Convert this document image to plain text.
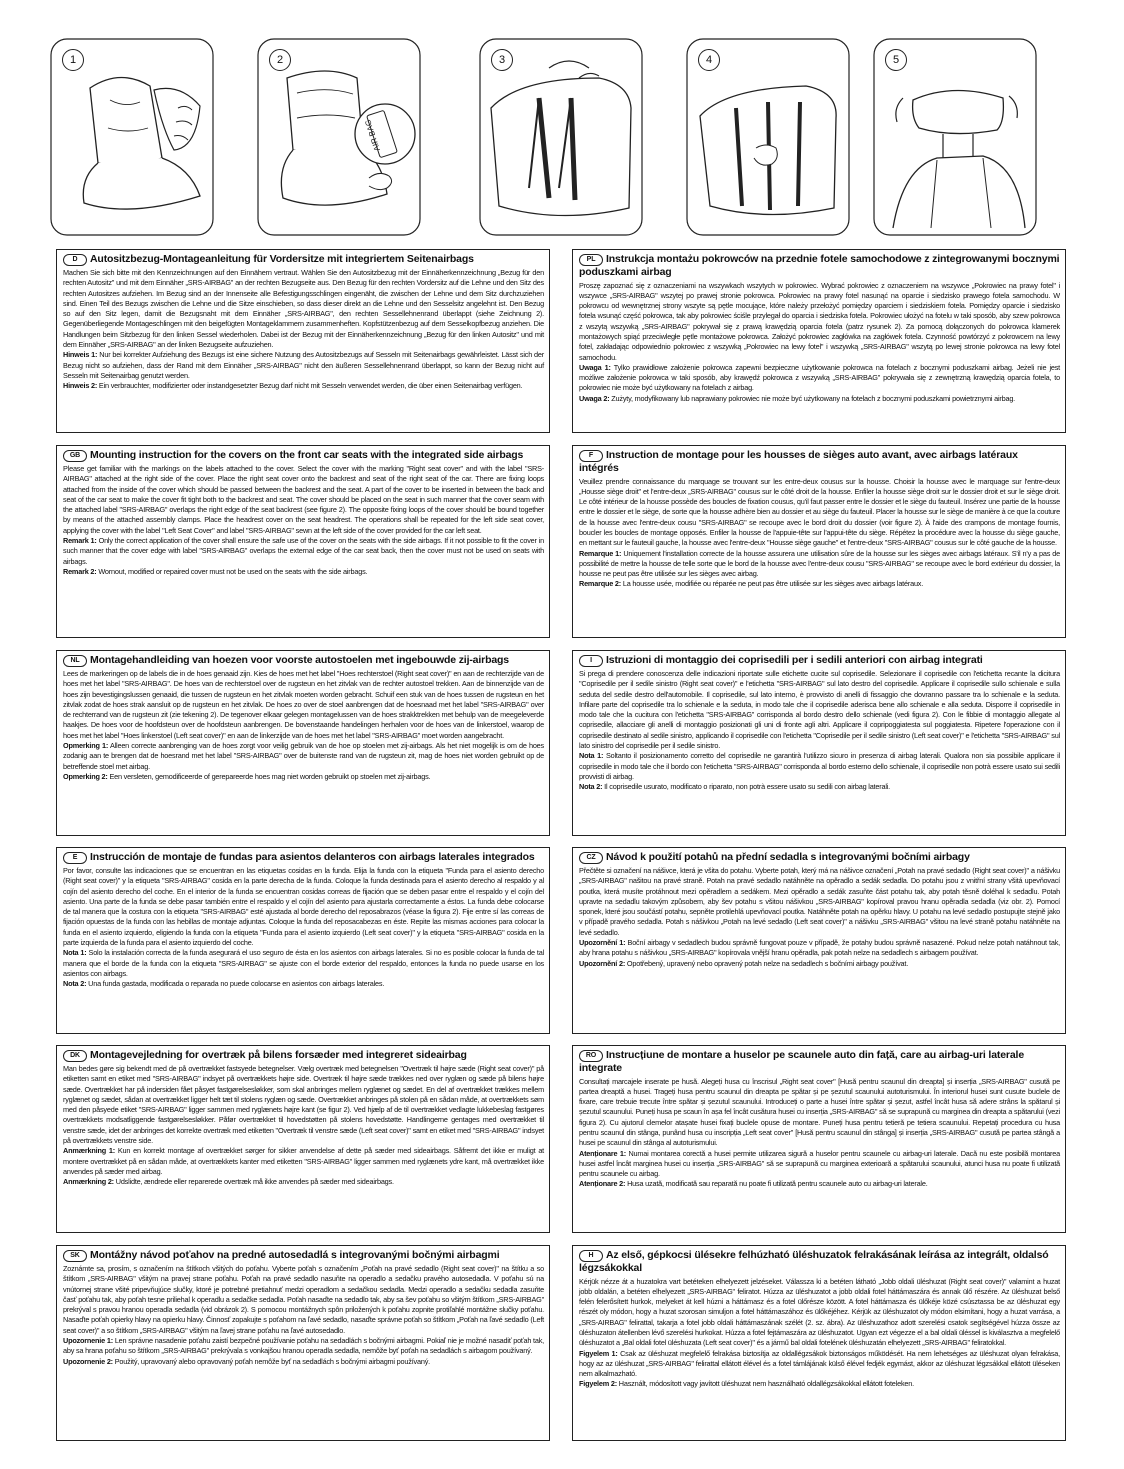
1
AIR BAG
2	3	4	5
D Autositzbezug-Montageanleitung für Vordersitze mit integriertem Seitenairbags

Machen Sie sich bitte mit den Kennzeichnungen auf den Einnähern vertraut. Wählen Sie den Autositzbezug mit der Einnäherkennzeichnung „Bezug für den rechten Autositz" und mit dem Einnäher „SRS-AIRBAG" an der rechten Bezugseite aus. Den Bezug für den rechten Vordersitz auf die Lehne und den Sitz des rechten Autositzes aufziehen. Im Bezug sind an der Innenseite alle Befestigungsschlingen eingenäht, die zwischen der Lehne und dem Sitz durchzuziehen sind. Einen Teil des Bezugs zwischen die Lehne und die Sitze einschieben, so dass dieser direkt an die Lehne und den Sesselsitz angelehnt ist. Den Bezug so auf den Sitz legen, damit die Bezugsnaht mit dem Einnäher „SRS-AIRBAG", den rechten Sessellehnenrand überlappt (siehe Zeichnung 2). Gegenüberliegende Montageschlingen mit den beigefügten Montageklammern zusammenheften. Kopfstützenbezug auf dem Sesselkopfbezug anziehen. Die Handlungen beim Sitzbezug für den linken Sessel wiederholen. Dabei ist der Bezug mit der Einnäherkennzeichnung „Bezug für den linken Autositz" und mit dem Einnäher „SRS-AIRBAG" an der linken Bezugseite aufzuziehen.

Hinweis 1: Nur bei korrekter Aufziehung des Bezugs ist eine sichere Nutzung des Autositzbezugs auf Sesseln mit Seitenairbags gewährleistet. Lässt sich der Bezug nicht so aufziehen, dass der Rand mit dem Einnäher „SRS-AIRBAG" nicht den äußeren Sessellehnenrand überlappt, so kann der Bezug nicht auf Sesseln mit Seitenairbag genutzt werden.

Hinweis 2: Ein verbrauchter, modifizierter oder instandgesetzter Bezug darf nicht mit Sesseln verwendet werden, die über einen Seitenairbag verfügen.

PL Instrukcja montażu pokrowców na przednie fotele samochodowe z zintegrowanymi bocznymi poduszkami airbag

Proszę zapoznać się z oznaczeniami na wszywkach wszytych w pokrowiec. Wybrać pokrowiec z oznaczeniem na wszywce „Pokrowiec na prawy fotel" i wszywce „SRS-AIRBAG" wszytej po prawej stronie pokrowca. Pokrowiec na prawy fotel nasunąć na oparcie i siedzisko prawego fotela samochodu. W pokrowcu od wewnętrznej strony wszyte są pętle mocujące, które należy przełożyć pomiędzy oparciem i siedziskiem fotela. Pomiędzy oparcie i siedzisko fotela wsunąć część pokrowca, tak aby pokrowiec ściśle przylegał do oparcia i siedziska fotela. Pokrowiec ułożyć na fotelu w taki sposób, aby szew pokrowca z wszytą wszywką „SRS-AIRBAG" pokrywał się z prawą krawędzią oparcia fotela (patrz rysunek 2). Za pomocą dołączonych do pokrowca klamerek montażowych spiąć przeciwległe pętle montażowe pokrowca. Założyć pokrowiec zagłówka na zagłówek fotela. Czynność powtórzyć z pokrowcem na lewy fotel, zakładając odpowiednio pokrowiec z wszywką „Pokrowiec na lewy fotel" i wszywką „SRS-AIRBAG" wszytą po lewej stronie pokrowca na lewy fotel samochodu.

Uwaga 1: Tylko prawidłowe założenie pokrowca zapewni bezpieczne użytkowanie pokrowca na fotelach z bocznymi poduszkami airbag. Jeżeli nie jest możliwe założenie pokrowca w taki sposób, aby krawędź pokrowca z wszywką „SRS-AIRBAG" pokrywała się z zewnętrzną krawędzią oparcia fotela, to pokrowiec nie może być użytkowany na fotelach z airbag.

Uwaga 2: Zużyty, modyfikowany lub naprawiany pokrowiec nie może być użytkowany na fotelach z bocznymi poduszkami powietrznymi airbag.

GB Mounting instruction for the covers on the front car seats with the integrated side airbags

Please get familiar with the markings on the labels attached to the cover. Select the cover with the marking "Right seat cover" and with the label "SRS-AIRBAG" attached at the right side of the cover. Place the right seat cover onto the backrest and seat of the right seat of the car. There are fixing loops attached from the inside of the cover which should be passed between the backrest and the seat. A part of the cover to be inserted in between the back and seat of the car seat to make the cover fit tight both to the backrest and seat. The cover should be placed on the seat in such manner that the cover seam with the attached label "SRS-AIRBAG" overlaps the right edge of the seat backrest (see figure 2). The opposite fixing loops of the cover should be bound together by means of the attached assembly clamps. Place the headrest cover on the seat headrest. The operations shall be repeated for the left side seat cover, applying the cover with the label "Left Seat Cover" and label "SRS-AIRBAG" sewn at the left side of the cover provided for the car left seat.

Remark 1: Only the correct application of the cover shall ensure the safe use of the cover on the seats with the side airbags. If it not possible to fit the cover in such manner that the cover edge with label "SRS-AIRBAG" overlaps the external edge of the car seat back, then the cover must not be used on seats with airbags.

Remark 2: Wornout, modified or repaired cover must not be used on the seats with the side airbags.

F Instruction de montage pour les housses de sièges auto avant, avec airbags latéraux intégrés

Veuillez prendre connaissance du marquage se trouvant sur les entre-deux cousus sur la housse. Choisir la housse avec le marquage sur l'entre-deux „Housse siège droit" et l'entre-deux „SRS-AIRBAG" cousus sur le côté droit de la housse. Enfiler la housse siège droit sur le dossier droit et sur le siège droit. Le côté intérieur de la housse possède des boucles de fixation cousus, qu'il faut passer entre le dossier et le siège du fauteuil. Insérez une partie de la housse entre le dossier et le siège, de sorte que la housse adhère bien au dossier et au siège du fauteuil. Placer la housse sur le siège de manière à ce que la couture de la housse avec l'entre-deux cousu "SRS-AIRBAG" se recoupe avec le bord droit du dossier (voir figure 2). À l'aide des crampons de montage fournis, boucler les boucles de montage opposés. Enfiler la housse de l'appuie-tête sur l'appui-tête du siège. Répétez la procédure avec la housse du siège gauche, en mettant sur le fauteuil gauche, la housse avec l'entre-deux "Housse siège gauche" et l'entre-deux "SRS-AIRBAG" cousus sur le côté gauche de la housse.

Remarque 1: Uniquement l'installation correcte de la housse assurera une utilisation sûre de la housse sur les sièges avec airbags latéraux. S'il n'y a pas de possibilité de mettre la housse de telle sorte que le bord de la housse avec l'entre-deux cousu "SRS-AIRBAG" se recoupe avec le bord extérieur du dossier, la housse ne peut pas être utilisée sur les sièges avec airbag.

Remarque 2: La housse usée, modifiée ou réparée ne peut pas être utilisée sur les sièges avec airbags latéraux.

NL Montagehandleiding van hoezen voor voorste autostoelen met ingebouwde zij-airbags

Lees de markeringen op de labels die in de hoes genaaid zijn. Kies de hoes met het label "Hoes rechterstoel (Right seat cover)" en aan de rechterzijde van de hoes met het label "SRS-AIRBAG". De hoes van de rechterstoel over de rugsteun en het zitvlak van de rechter autostoel trekken. Aan de binnenzijde van de hoes zijn bevestigingslussen genaaid, die tussen de rugsteun en het zitvlak moeten worden gebracht. Schuif een stuk van de hoes tussen de rugsteun en het zitvlak zodat de hoes strak aansluit op de rugsteun en het zitvlak. De hoes zo over de stoel aanbrengen dat de hoesnaad met het label "SRS-AIRBAG" over de rechterrand van de rugsteun zit (zie tekening 2). De tegenover elkaar gelegen montagelussen van de hoes strakktrekken met behulp van de meegeleverde haakjes. De hoes voor de hoofdsteun over de hoofdsteun aanbrengen. De bovenstaande handelingen herhalen voor de hoes van de linkerstoel, waarop de hoes met het label "Hoes linkerstoel (Left seat cover)" en aan de linkerzijde van de hoes met het label "SRS-AIRBAG" moet worden aangebracht.

Opmerking 1: Alleen correcte aanbrenging van de hoes zorgt voor veilig gebruik van de hoe op stoelen met zij-airbags. Als het niet mogelijk is om de hoes zodanig aan te brengen dat de hoesrand met het label "SRS-AIRBAG" over de buitenste rand van de rugsteun zit, mag de hoes niet worden gebruikt op de betreffende stoel met airbag.

Opmerking 2: Een versleten, gemodificeerde of gerepareerde hoes mag niet worden gebruikt op stoelen met zij-airbags.

I Istruzioni di montaggio dei coprisedili per i sedili anteriori con airbag integrati

Si prega di prendere conoscenza delle indicazioni riportate sulle etichette cucite sul coprisedile. Selezionare il coprisedile con l'etichetta recante la dicitura "Coprisedile per il sedile sinistro (Right seat cover)" e l'etichetta "SRS-AIRBAG" sul lato destro del coprisedile. Applicare il coprisedile sullo schienale e sulla seduta del sedile destro dell'automobile. Il coprisedile, sul lato interno, è provvisto di anelli di fissaggio che dovranno passare tra lo schienale e la seduta. Infilare parte del coprisedile tra lo schienale e la seduta, in modo tale che il coprisedile aderisca bene allo schienale e alla seduta. Disporre il coprisedile in modo tale che la cucitura con l'etichetta "SRS-AIRBAG" corrisponda al bordo destro dello schienale (vedi figura 2). Con le fibbie di montaggio allegate al coprisedile, allacciare gli anelli di montaggio posizionati gli uni di fronte agli altri. Applicare il copripoggiatesta sul poggiatesta. Ripetere l'operazione con il coprisedile destinato al sedile sinistro, applicando il coprisedile con l'etichetta "Coprisedile per il sedile sinistro (Left seat cover)" e l'etichetta "SRS-AIRBAG" sul lato sinistro del coprisedile per il sedile sinistro.

Nota 1: Soltanto il posizionamento corretto del coprisedile ne garantirà l'utilizzo sicuro in presenza di airbag laterali. Qualora non sia possibile applicare il coprisedile in modo tale che il bordo con l'etichetta "SRS-AIRBAG" corrisponda al bordo esterno dello schienale, il coprisedile non potrà essere usato sui sedili provvisti di airbag.

Nota 2: Il coprisedile usurato, modificato o riparato, non potrà essere usato su sedili con airbag laterali.

E Instrucción de montaje de fundas para asientos delanteros con airbags laterales integrados

Por favor, consulte las indicaciones que se encuentran en las etiquetas cosidas en la funda. Elija la funda con la etiqueta "Funda para el asiento derecho (Right seat cover)" y la etiqueta "SRS-AIRBAG" cosida en la parte derecha de la funda. Coloque la funda destinada para el asiento derecho al respaldo y al cojín del asiento derecho del coche. En el interior de la funda se encuentran cosidas correas de fijación que se deben pasar entre el respaldo y el cojín del asiento. Una parte de la funda se debe pasar también entre el respaldo y el cojín del asiento para ajustarla correctamente a éstos. La funda debe colocarse de tal manera que la costura con la etiqueta "SRS-AIRBAG" esté ajustada al borde derecho del reposabrazos (véase la figura 2). Fije entre sí las correas de fijación opuestas de la funda con las hebillas de montaje adjuntas. Coloque la funda del reposacabezas en éste. Repite las mismas acciones para colocar la funda en el asiento izquierdo, eligiendo la funda con la etiqueta "Funda para el asiento izquierdo (Left seat cover)" y la etiqueta "SRS-AIRBAG" cosida en la parte izquierda de la funda para el asiento izquierdo del coche.

Nota 1: Solo la instalación correcta de la funda asegurará el uso seguro de ésta en los asientos con airbags laterales. Si no es posible colocar la funda de tal manera que el borde de la funda con la etiqueta "SRS-AIRBAG" se ajuste con el borde exterior del respaldo, entonces la funda no puede usarse en los asientos con airbags.

Nota 2: Una funda gastada, modificada o reparada no puede colocarse en asientos con airbags laterales.

CZ Návod k použití potahů na přední sedadla s integrovanými bočními airbagy

Přečtěte si označení na nášivce, která je všita do potahu. Vyberte potah, který má na nášivce označení „Potah na pravé sedadlo (Right seat cover)" a nášivku „SRS-AIRBAG" našitou na pravé straně. Potah na pravé sedadlo natáhněte na opěradlo a sedák sedadla. Do potahu jsou z vnitřní strany všitá upevňovací poutka, která musíte protáhnout mezi opěradlem a sedákem. Mezi opěradlo a sedák zasuňte část potahu tak, aby potah těsně doléhal k sedadlu. Potah upravte na sedadlu takovým způsobem, aby šev potahu s všitou nášivkou „SRS-AIRBAG" kopíroval pravou hranu opěradla sedadla (viz obr. 2). Pomocí sponek, které jsou součástí potahu, sepněte protilehlá upevňovací poutka. Natáhněte potah na opěrku hlavy. U potahu na levé sedadlo postupujte stejně jako v případě pravého sedadla. Potah s nášivkou „Potah na levé sedadlo (Left seat cover)" a nášivku „SRS-AIRBAG" všitou na levé straně potahu natáhněte na levé sedadlo.

Upozornění 1: Boční airbagy v sedadlech budou správně fungovat pouze v případě, že potahy budou správně nasazené. Pokud nelze potah natáhnout tak, aby hrana potahu s nášivkou „SRS-AIRBAG" kopírovala vnější hranu opěradla, pak potah nelze na sedadlech s airbagem používat.

Upozornění 2: Opotřebený, upravený nebo opravený potah nelze na sedadlech s bočními airbagy používat.

DK Montagevejledning for overtræk på bilens forsæder med integreret sideairbag

Man bedes gøre sig bekendt med de på overtrækket fastsyede betegnelser. Vælg overtræk med betegnelsen "Overtræk til højre sæde (Right seat cover)" på etiketten samt en etiket med "SRS-AIRBAG" indsyet på overtrækkets højre side. Overtræk til højre sæde trækkes ned over ryglæn og sæde på bilens højre sæde. Overtrækket har på indersiden fået påsyet fastgørelsesløkker, som skal anbringes mellem ryglænet og sædet. En del af overtrækket trækkes mellem ryglænet og sædet, sådan at overtrækket ligger helt tæt til stolens ryglæn og sæde. Overtrækket anbringes på stolen på en sådan måde, at overtrækkets søm med den påsyede etiket "SRS-AIRBAG" ligger sammen med ryglænets højre kant (se figur 2). Ved hjælp af de til overtrækket vedlagte lukkebeslag fastgøres overtrækkets modsatliggende fastgørelsesløkker. Påfør overtrækket til hovedstøtten på stolens hovedstøtte. Handlingerne gentages med overtrækket til venstre sæde, idet der anbringes det korrekte overtræk med etiketten "Overtræk til venstre sæde (Left seat cover)" samt en etiket med "SRS-AIRBAG" indsyet på overtrækkets venstre side.

Anmærkning 1: Kun en korrekt montage af overtrækket sørger for sikker anvendelse af dette på sæder med sideairbags. Såfremt det ikke er muligt at montere overtrækket på en sådan måde, at overtrækkets kanter med etiketten "SRS-AIRBAG" ligger sammen med ryglænets ydre kant, må overtrækket ikke anvendes på sæder med airbag.

Anmærkning 2: Udslidte, ændrede eller reparerede overtræk må ikke anvendes på sæder med sideairbags.

RO Instrucțiune de montare a huselor pe scaunele auto din față, care au airbag-uri laterale integrate

Consultați marcajele inserate pe husă. Alegeți husa cu înscrisul „Right seat cover" [Husă pentru scaunul din dreapta] și inserția „SRS-AIRBAG" cusută pe partea dreaptă a husei. Trageți husa pentru scaunul din dreapta pe spătar și pe șezutul scaunului autoturismului. În interiorul husei sunt cusute buclele de fixare, care trebuie trecute între spătar și șezutul scaunului. Introduceți o parte a husei între spătar și șezut, astfel încât husa să adere strâns la spătarul și șezutul scaunului. Puneți husa pe scaun în așa fel încât cusătura husei cu inserția „SRS-AIRBAG" să se suprapună cu marginea din dreapta a spătarului (vezi figura 2). Cu ajutorul clemelor atașate husei fixați buclele opuse de montare. Puneți husa pentru tetieră pe tetiera scaunului. Repetați procedura cu husa pentru scaunul din stânga, punând husa cu inscripția „Left seat cover" [Husă pentru scaunul din stânga] și inserția „SRS-AIRBAG" cusută pe partea stângă a husei pe scaunul din stânga al autoturismului.

Atenționare 1: Numai montarea corectă a husei permite utilizarea sigură a huselor pentru scaunele cu airbag-uri laterale. Dacă nu este posibilă montarea husei astfel încât marginea husei cu inserția „SRS-AIRBAG" să se suprapună cu marginea exterioară a spătarului scaunului, atunci husa nu poate fi utilizată pentru scaunele cu airbag.

Atenționare 2: Husa uzată, modificată sau reparată nu poate fi utilizată pentru scaunele auto cu airbag-uri laterale.

SK Montážny návod poťahov na predné autosedadlá s integrovanými bočnými airbagmi

Zoznámte sa, prosím, s označením na štítkoch všitých do poťahu. Vyberte poťah s označením „Poťah na pravé sedadlo (Right seat cover)" na štítku a so štítkom „SRS-AIRBAG" všitým na pravej strane poťahu. Poťah na pravé sedadlo nasuňte na operadlo a sedačku pravého autosedadla. V poťahu sú na vnútornej strane všité pripevňujúce slučky, ktoré je potrebné pretiahnuť medzi operadlom a sedačkou sedadla. Medzi operadlo a sedačku sedadla zasuňte časť poťahu tak, aby poťah tesne priliehal k operadlu a sedačke sedadla. Poťah nasaďte na sedadlo tak, aby sa šev poťahu so všitým štítkom „SRS-AIRBAG" prekrýval s pravou hranou operadla sedadla (vid obrázok 2). S pomocou montážnych spôn priložených k poťahu zopnite protiľahlé montážne slučky poťahu. Nasaďte poťah opierky hlavy na opierku hlavy. Činnosť zopakujte s poťahom na ľavé sedadlo, nasaďte správne poťah so štítkom „Poťah na ľavé sedadlo (Left seat cover)" a so štítkom „SRS-AIRBAG" všitým na ľavej strane poťahu na ľavé autosedadlo.

Upozornenie 1: Len správne nasadenie poťahu zaistí bezpečné používanie poťahu na sedadlách s bočnými airbagmi. Pokiaľ nie je možné nasadiť poťah tak, aby sa hrana poťahu so štítkom „SRS-AIRBAG" prekrývala s vonkajšou hranou operadla sedadla, nemôže byť poťah na sedadlách s airbagom používaný.

Upozornenie 2: Použitý, upravovaný alebo opravovaný poťah nemôže byť na sedadlách s bočnými airbagmi používaný.

H Az első, gépkocsi ülésekre felhúzható üléshuzatok felrakásának leírása az integrált, oldalsó légzsákokkal

Kérjük nézze át a huzatokra vart betéteken elhelyezett jelzéseket. Válassza ki a betéten látható „Jobb oldali üléshuzat (Right seat cover)" valamint a huzat jobb oldalán, a betéten elhelyezett „SRS-AIRBAG" feliratot. Húzza az üléshuzatot a jobb oldali fotel háttámaszára és annak ülő részére. Az üléshuzat belső felén felerősített hurkok, melyeket át kell húzni a háttámasz és a fotel ülőrésze között. A fotel háttámasza és ülőkéje közé csúsztassa be az üléshuzat egy részét oly módon, hogy a huzat szorosan simuljon a fotel háttámaszához és ülőkéjéhez. Kérjük az üléshuzatot oly módon elsimítani, hogy a huzat varrása, a „SRS-AIRBAG" felirattal, takarja a fotel jobb oldali háttámaszának szélét (2. sz. ábra). Az üléshuzathoz adott szerelési csatok segítségével húzza össze az üléshuzaton átellenben lévő szerelési hurkokat. Húzza a fotel fejtámaszára az üléshuzatot. Ugyan ezt végezze el a bal oldali üléssel is kiválasztva a megfelelő üléshuzatot a „Bal oldali fotel üléshuzata (Left seat cover)" és a jármű bal oldali fotelének üléshuzatán elhelyezett „SRS-AIRBAG" feliratokkal.

Figyelem 1: Csak az üléshuzat megfelelő felrakása biztosítja az oldallégzsákok biztonságos működését. Ha nem lehetséges az üléshuzat olyan felrakása, hogy az az üléshuzat „SRS-AIRBAG" felirattal ellátott élével és a fotel támlájának külső élével fedjék egymást, akkor az üléshuzat légzsákkal ellátott üléseken nem alkalmazható.

Figyelem 2: Használt, módosított vagy javított üléshuzat nem használható oldallégzsákokkal ellátott foteleken.
